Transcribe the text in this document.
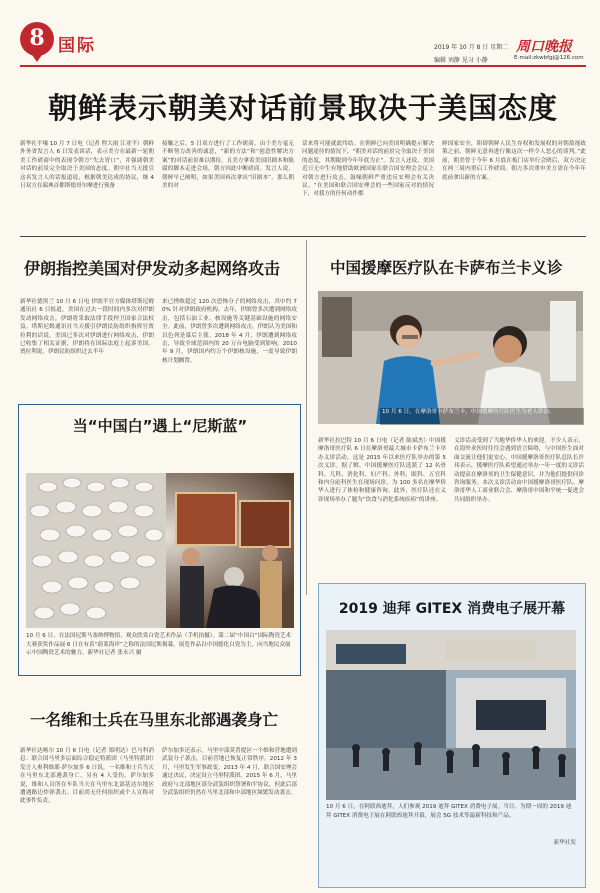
8 国际	2019 年 10 月 8 日 星期二
编辑 刘静 见习 小静
周口晚报
E-mail:zkwbfgj@126.com
朝鲜表示朝美对话前景取决于美国态度
新华社平壤 10 月 7 日电（记者 程大雨 江亚平）朝鲜外务省发言人 6 日发表谈话，表示美方在最新一轮朝美工作磋商中的表现令朝方“失去胃口”，并强调朝美对话的前景完全取决于美国的态度。朝中社当天援引这名发言人的话报道说，根据朝美达成的协议，继 4 日双方在瑞典首都斯德哥尔摩进行预备
接触之后，5 日双方进行了工作磋商。由于美方毫无不断努力改善的诚意，“新的方法”和“创意性解决方案”的对话前景难以期待，且美方拿着美国旧剧本和陈腐的脚本走进会场，朝方因此中断磋商。发言人说，朝鲜早已阐明，如果美国再次拿出“旧剧本”，那么朝美的对
话来将可能就此终结。在朝鲜已向美国明确提示解决问题途径的情况下，“朝美对话的前景完全取决于美国的态度，其期限到今年年底为止”。发言人还说，美国近日无中生有地借助欧洲国家在联合国安理会会议上对朝方进行攻击，鼓噪朝鲜严重违反安理会有关决议。“在美国和联合国安理会的一些国家反对的情况下，对我方的任何动作都
鲜国家安全，阻碍朝鲜人民生存权和发展权的对朝敌视政策之前，朝鲜无意再进行像这次一样令人恶心的谈判。”此前，朝美曾于今年 6 月底在板门店举行会晤后，双方决定在两三周内重启工作磋商。朝方多次重申美方需在今年年底前拿出新的方案。
伊朗指控美国对伊发动多起网络攻击
新华社德黑兰 10 月 6 日电 伊朗半官方媒体塔斯尼姆通讯社 6 日报道，美国在过去一段时间内多次对伊朗发动网络攻击，伊朗将采取法律手段捍卫国家合法权益。塔斯尼姆通讯社当天援引伊朗民防组织指挥官贾拉利的话说，美国已多次对伊朗进行网络攻击，伊朗已收集了相关证据，伊朗将在国际法庭上起诉美国。贾拉利说，伊朗民防组织过去半年
来已挫败超过 120 次恐怖分子的网络攻击，其中约 70% 针对伊朗政府机构。去年，伊朗曾多次遭到网络攻击，包括石油工业、核设施等关键基础设施的网络安全。此前，伊朗曾多次遭到网络攻击，伊朗认为美国和以色列是幕后主使。2018 年 4 月，伊朗遭到网络攻击，导致全球范围内的 20 万台电脑受到影响。2010 年 9 月，伊朗国内约万个伊朗核设施，一度导致伊朗核计划搁置。
当“中国白”遇上“尼斯蓝”
10 月 6 日，在法国尼斯马塞纳博物馆，观众欣赏白瓷艺术作品（手机拍摄）。第二届“中国白”国际陶瓷艺术大赛获奖作品展 6 日在有着“蔚蓝海岸”之称的法国尼斯揭幕，展览作品以中国德化白瓷为主，向当地民众展示中国陶瓷艺术的魅力。新华社记者 张永兴 摄
一名维和士兵在马里东北部遇袭身亡
新华社达喀尔 10 月 6 日电（记者 郑明达）巴马科消息：联合国马里多层面综合稳定特派团（马里特派团）发言人奥利维耶·萨尔加多 6 日说，一名维和士兵当天在马里东北部遇袭身亡，另有 4 人受伤。萨尔加多说，维和人员所在车队当天在马里东北部基达尔地区遭遇路边炸弹袭击。目前尚无任何组织或个人宣称对此事件负责。
萨尔加多还表示，马里中部莫普提区一个维和营地遭到武装分子袭击，目前营地已恢复正常秩序。2012 年 3 月，马里发生军事政变。2013 年 4 月，联合国安理会通过决议，决定设立马里特派团。2015 年 6 月，马里政府与北部地区部分武装组织签署和平协议，但此后部分武装组织仍然在马里北部和中部地区频繁发动袭击。
中国援摩医疗队在卡萨布兰卡义诊
10 月 6 日，在摩洛哥卡萨布兰卡，中国援摩医疗队医生为老人诊治。
新华社拉巴特 10 月 6 日电（记者 陈斌杰）中国援摩洛哥医疗队 6 日在摩洛哥最大城市卡萨布兰卡举办义诊活动，这是 2015 年以来医疗队举办的第 5 次义诊。据了解，中国援摩医疗队选派了 12 名骨科、儿科、消化科、妇产科、外科、眼科、五官科和内分泌科医生在现场问诊，为 100 多名在摩华侨华人进行了体检和健康咨询。此外，医疗队还在义诊现场举办了题为“饮食与消化系统疾病”的讲座。
义诊活动受到了当地华侨华人的欢迎。不少人表示，在海外求医时往往会遇到语言障碍，与中国医生面对面交流让他们更安心。中国援摩洛哥医疗队总队长许玮表示，援摩医疗队希望通过举办一年一度的义诊活动提高在摩洛哥的卫生保健意识，并为他们提供问诊咨询服务。本次义诊活动由中国援摩洛哥医疗队、摩洛哥华人工商业联合会、摩洛哥中国和平统一促进会共同组织举办。
2019 迪拜 GITEX 消费电子展开幕
10 月 6 日，在阿联酋迪拜，人们参观 2019 迪拜 GITEX 消费电子展。当日，为期一周的 2019 迪拜 GITEX 消费电子展在阿联酋迪拜开幕，展会 5G 技术等最新科技和产品。
新华社发
